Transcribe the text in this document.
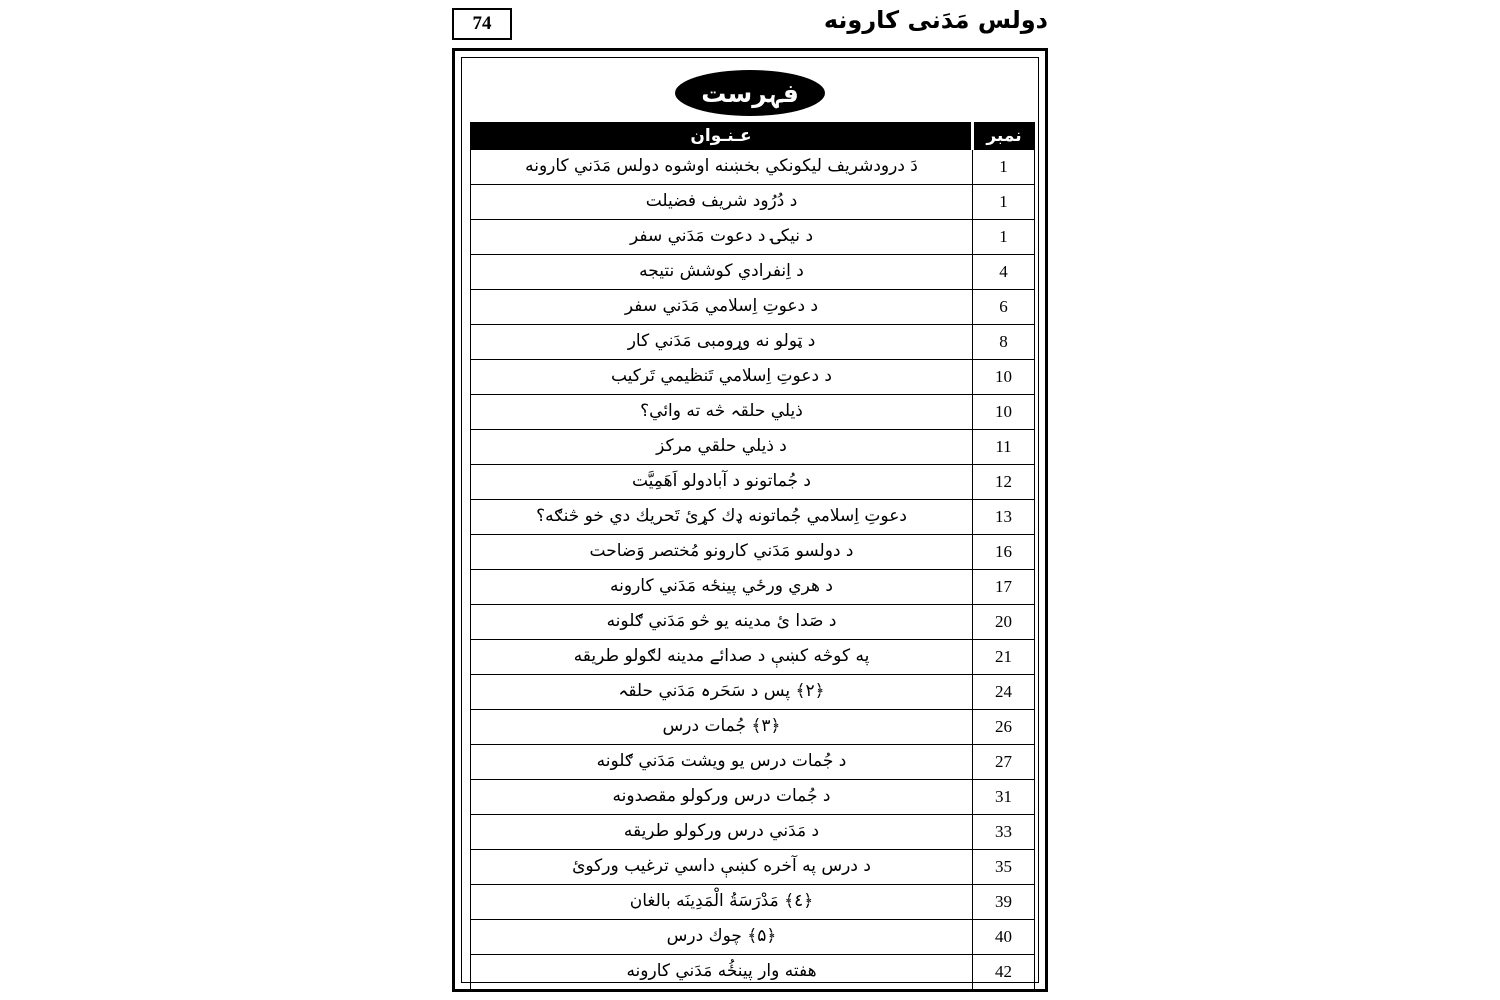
74	دولس مَدَنی کارونه
فہرست
نمبر	عـنـوان
1	دَ درودشریف لیکونکي بخښنه اوشوه دولس مَدَني کارونه
1	د دُرُود شریف فضیلت
1	د نیکۍ د دعوت مَدَني سفر
4	د اِنفرادي کوشش نتیجه
6	د دعوتِ اِسلامي مَدَني سفر
8	د ټولو نه وړومبی مَدَني کار
10	د دعوتِ اِسلامي تَنظیمي تَرکیب
10	ذیلي حلقہ څه ته وائي؟
11	د ذیلي حلقي مرکز
12	د جُماتونو د آبادولو اَهَمِیَّت
13	دعوتِ اِسلامي جُماتونه ډك کړئ تَحریك دي خو څنګه؟
16	د دولسو مَدَني کارونو مُختصر وَضاحت
17	د هري ورځي پینځه مَدَني کارونه
20	د صَدا ئ مدینه یو څو مَدَني ګلونه
21	په کوڅه کښې د صدائے مدینه لګولو طریقه
24	﴿۲﴾ پس د سَحَرہ مَدَني حلقہ
26	﴿۳﴾ جُمات درس
27	د جُمات درس یو ویشت مَدَني ګلونه
31	د جُمات درس ورکولو مقصدونه
33	د مَدَني درس ورکولو طریقه
35	د درس په آخره کښې داسي ترغیب ورکوئ
39	﴿٤﴾ مَدْرَسَةُ الْمَدِینَه بالغان
40	﴿۵﴾ چوك درس
42	هفته وار پینځُه مَدَني کارونه
